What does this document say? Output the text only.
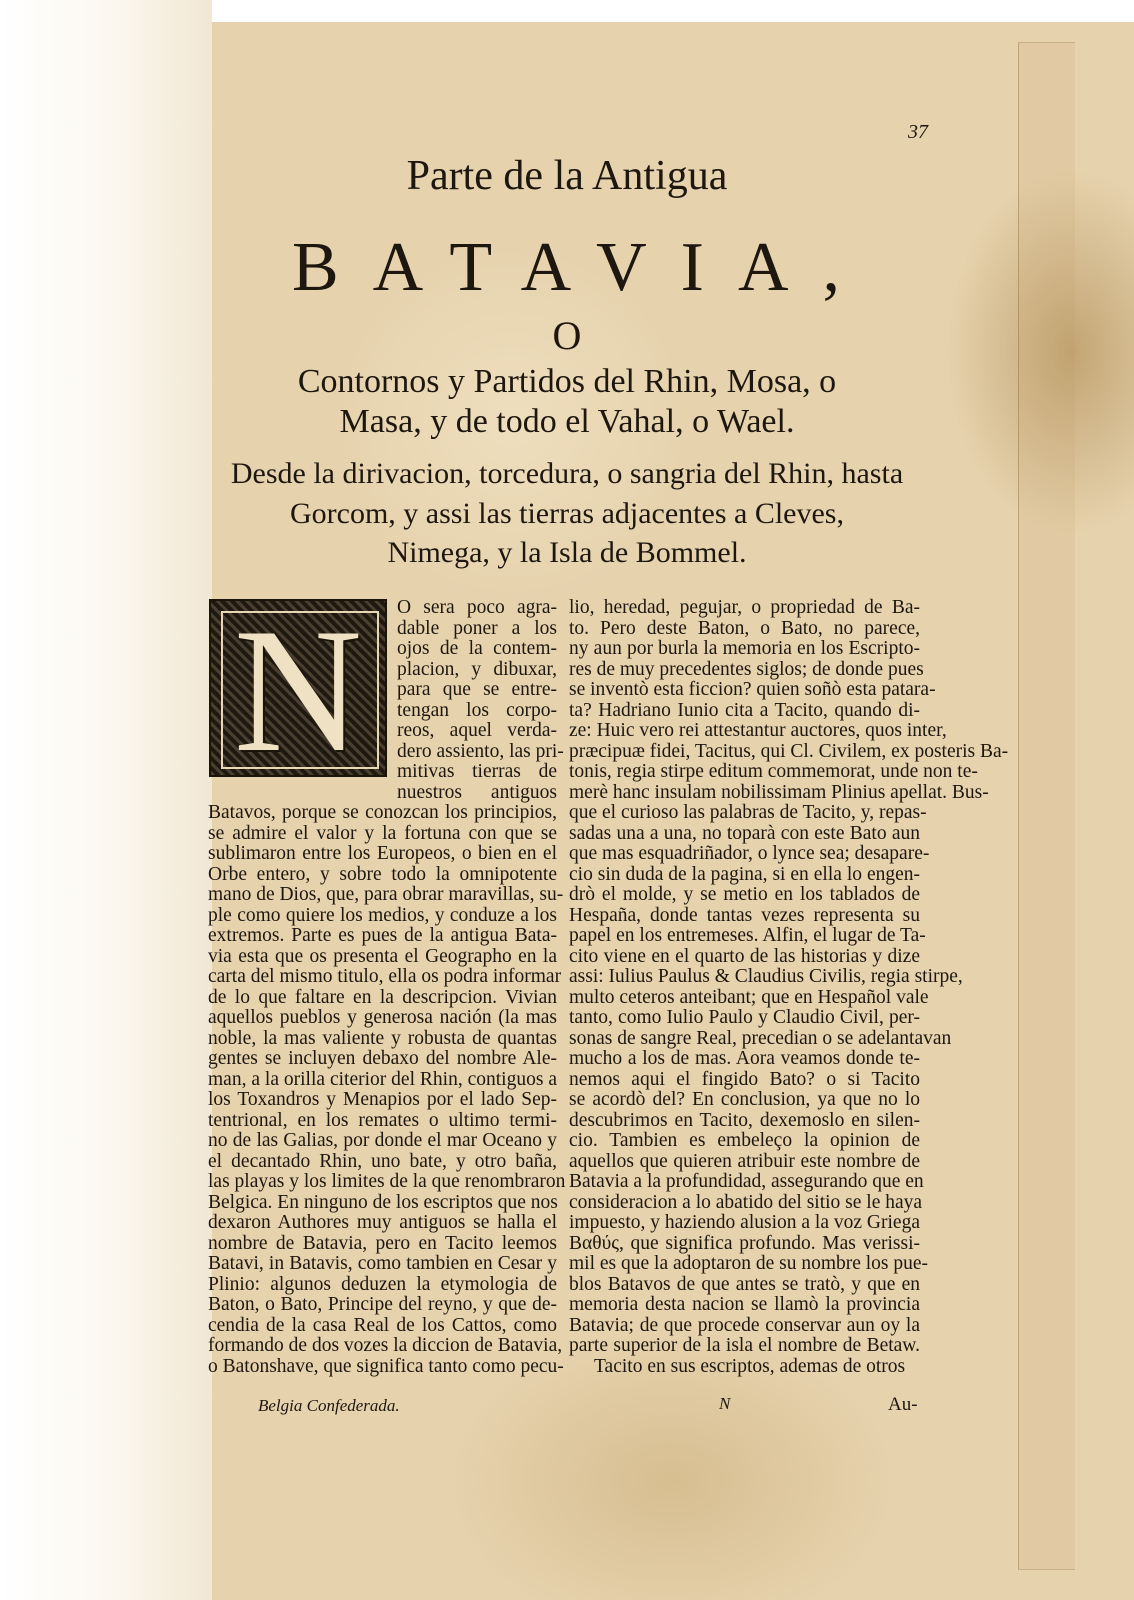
37

Parte de la Antigua
BATAVIA,

O

Contornos y Partidos del Rhin, Mosa, o

Masa, y de todo el Vahal, o Wael.

Desde la dirivacion, torcedura, o sangria del Rhin, hasta

Gorcom, y assi las tierras adjacentes a Cleves,

Nimega, y la Isla de Bommel.

N	O sera poco agra-

dable poner a los

ojos de la contem-

placion, y dibuxar,

para que se entre-

tengan los corpo-

reos, aquel verda-

dero assiento, las pri-

mitivas tierras de

nuestros antiguos

Batavos, porque se conozcan los principios,

se admire el valor y la fortuna con que se

sublimaron entre los Europeos, o bien en el

Orbe entero, y sobre todo la omnipotente

mano de Dios, que, para obrar maravillas, su-

ple como quiere los medios, y conduze a los

extremos. Parte es pues de la antigua Bata-

via esta que os presenta el Geographo en la

carta del mismo titulo, ella os podra informar

de lo que faltare en la descripcion. Vivian

aquellos pueblos y generosa nación (la mas

noble, la mas valiente y robusta de quantas

gentes se incluyen debaxo del nombre Ale-

man, a la orilla citerior del Rhin, contiguos a

los Toxandros y Menapios por el lado Sep-

tentrional, en los remates o ultimo termi-

no de las Galias, por donde el mar Oceano y

el decantado Rhin, uno bate, y otro baña,

las playas y los limites de la que renombraron

Belgica. En ninguno de los escriptos que nos

dexaron Authores muy antiguos se halla el

nombre de Batavia, pero en Tacito leemos

Batavi, in Batavis, como tambien en Cesar y

Plinio: algunos deduzen la etymologia de

Baton, o Bato, Principe del reyno, y que de-

cendia de la casa Real de los Cattos, como

formando de dos vozes la diccion de Batavia,

o Batonshave, que significa tanto como pecu-

lio, heredad, pegujar, o propriedad de Ba-

to. Pero deste Baton, o Bato, no parece,

ny aun por burla la memoria en los Escripto-

res de muy precedentes siglos; de donde pues

se inventò esta ficcion? quien soñò esta patara-

ta? Hadriano Iunio cita a Tacito, quando di-

ze: Huic vero rei attestantur auctores, quos inter,

præcipuæ fidei, Tacitus, qui Cl. Civilem, ex posteris Ba-

tonis, regia stirpe editum commemorat, unde non te-

merè hanc insulam nobilissimam Plinius apellat. Bus-

que el curioso las palabras de Tacito, y, repas-

sadas una a una, no toparà con este Bato aun

que mas esquadriñador, o lynce sea; desapare-

cio sin duda de la pagina, si en ella lo engen-

drò el molde, y se metio en los tablados de

Hespaña, donde tantas vezes representa su

papel en los entremeses. Alfin, el lugar de Ta-

cito viene en el quarto de las historias y dize

assi: Iulius Paulus & Claudius Civilis, regia stirpe,

multo ceteros anteibant; que en Hespañol vale

tanto, como Iulio Paulo y Claudio Civil, per-

sonas de sangre Real, precedian o se adelantavan

mucho a los de mas. Aora veamos donde te-

nemos aqui el fingido Bato? o si Tacito

se acordò del? En conclusion, ya que no lo

descubrimos en Tacito, dexemoslo en silen-

cio. Tambien es embeleço la opinion de

aquellos que quieren atribuir este nombre de

Batavia a la profundidad, assegurando que en

consideracion a lo abatido del sitio se le haya

impuesto, y haziendo alusion a la voz Griega

Βαθύς, que significa profundo. Mas verissi-

mil es que la adoptaron de su nombre los pue-

blos Batavos de que antes se tratò, y que en

memoria desta nacion se llamò la provincia

Batavia; de que procede conservar aun oy la

parte superior de la isla el nombre de Betaw.

Tacito en sus escriptos, ademas de otros

Belgia Confederada.	N	Au-
